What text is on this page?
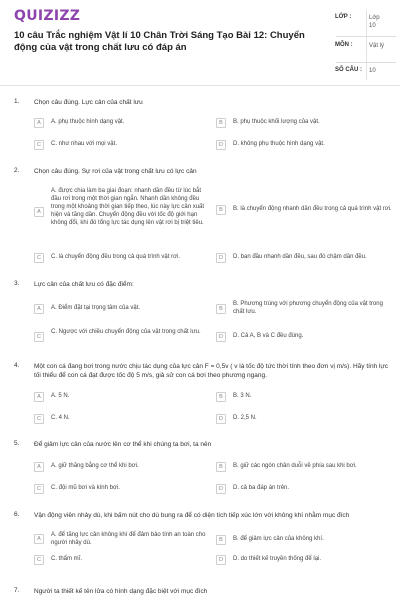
QUIZIZZ
10 câu Trắc nghiệm Vật lí 10 Chân Trời Sáng Tạo Bài 12: Chuyển động của vật trong chất lưu có đáp án
LỚP :	Lớp 10
MÔN :	Vật lý
SỐ CÂU : 10
1. Chọn câu đúng. Lực cản của chất lưu
A	A. phụ thuộc hình dạng vật.	B	B. phụ thuộc khối lượng của vật.
C	C. như nhau với mọi vật.	D	D. không phụ thuộc hình dạng vật.
2. Chọn câu đúng. Sự rơi của vật trong chất lưu có lực cản
A
A. được chia làm ba giai đoạn: nhanh dần đều từ lúc bắt đầu rơi trong một thời gian ngắn. Nhanh dần không đều trong một khoảng thời gian tiếp theo, lúc này lực cản xuất hiện và tăng dần. Chuyển động đều với tốc độ giới hạn không đổi, khi đó tổng lực tác dụng lên vật rơi bị triệt tiêu.
B	B. là chuyển động nhanh dần đều trong cả quá trình vật rơi.
C	C. là chuyển động đều trong cả quá trình vật rơi.	D	D. ban đầu nhanh dần đều, sau đó chậm dần đều.
3. Lực cản của chất lưu có đặc điểm:
A	A. Điểm đặt tại trọng tâm của vật.	B
B. Phương trùng với phương chuyển động của vật trong chất lưu.
C
C. Ngược với chiều chuyển động của vật trong chất lưu.
D	D. Cả A, B và C đều đúng.
4. Một con cá đang bơi trong nước chịu tác dụng của lực cản F = 0,5v ( v là tốc độ tức thời tính theo đơn vị m/s). Hãy tính lực tối thiểu để con cá đạt được tốc độ 5 m/s, giả sử con cá bơi theo phương ngang.
A	A. 5 N.	B	B. 3 N.
C	C. 4 N.	D	D. 2,5 N.
5. Để giảm lực cản của nước lên cơ thể khi chúng ta bơi, ta nên
A	A. giữ thăng bằng cơ thể khi bơi.	B	B. giữ các ngón chân duỗi về phía sau khi bơi.
C	C. đội mũ bơi và kính bơi.	D	D. cả ba đáp án trên.
6. Vận động viên nhảy dù, khi bấm nút cho dù bung ra để có diện tích tiếp xúc lớn với không khí nhằm mục đích
A
A. để tăng lực cản không khí để đảm bảo tính an toàn cho người nhảy dù.	B	B. để giảm lực cản của không khí.
C	C. thẩm mĩ.	D	D. do thiết kế truyền thống để lại.
7. Người ta thiết kế tên lửa có hình dạng đặc biệt với mục đích
